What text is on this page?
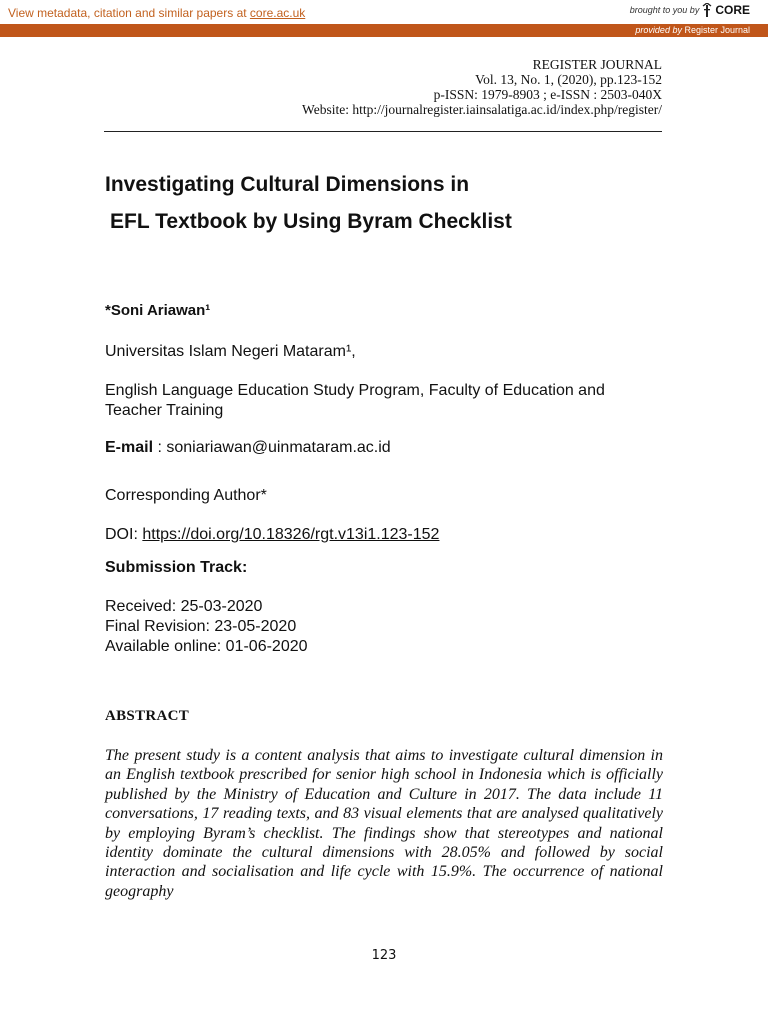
View metadata, citation and similar papers at core.ac.uk	brought to you by CORE
provided by Register Journal
REGISTER JOURNAL
Vol. 13, No. 1, (2020), pp.123-152
p-ISSN: 1979-8903 ; e-ISSN : 2503-040X
Website: http://journalregister.iainsalatiga.ac.id/index.php/register/
Investigating Cultural Dimensions in
EFL Textbook by Using Byram Checklist
*Soni Ariawan¹
Universitas Islam Negeri Mataram¹,
English Language Education Study Program, Faculty of Education and Teacher Training
E-mail : soniariawan@uinmataram.ac.id
Corresponding Author*
DOI: https://doi.org/10.18326/rgt.v13i1.123-152
Submission Track:
Received: 25-03-2020
Final Revision: 23-05-2020
Available online: 01-06-2020
ABSTRACT
The present study is a content analysis that aims to investigate cultural dimension in an English textbook prescribed for senior high school in Indonesia which is officially published by the Ministry of Education and Culture in 2017. The data include 11 conversations, 17 reading texts, and 83 visual elements that are analysed qualitatively by employing Byram’s checklist. The findings show that stereotypes and national identity dominate the cultural dimensions with 28.05% and followed by social interaction and socialisation and life cycle with 15.9%. The occurrence of national geography
123
